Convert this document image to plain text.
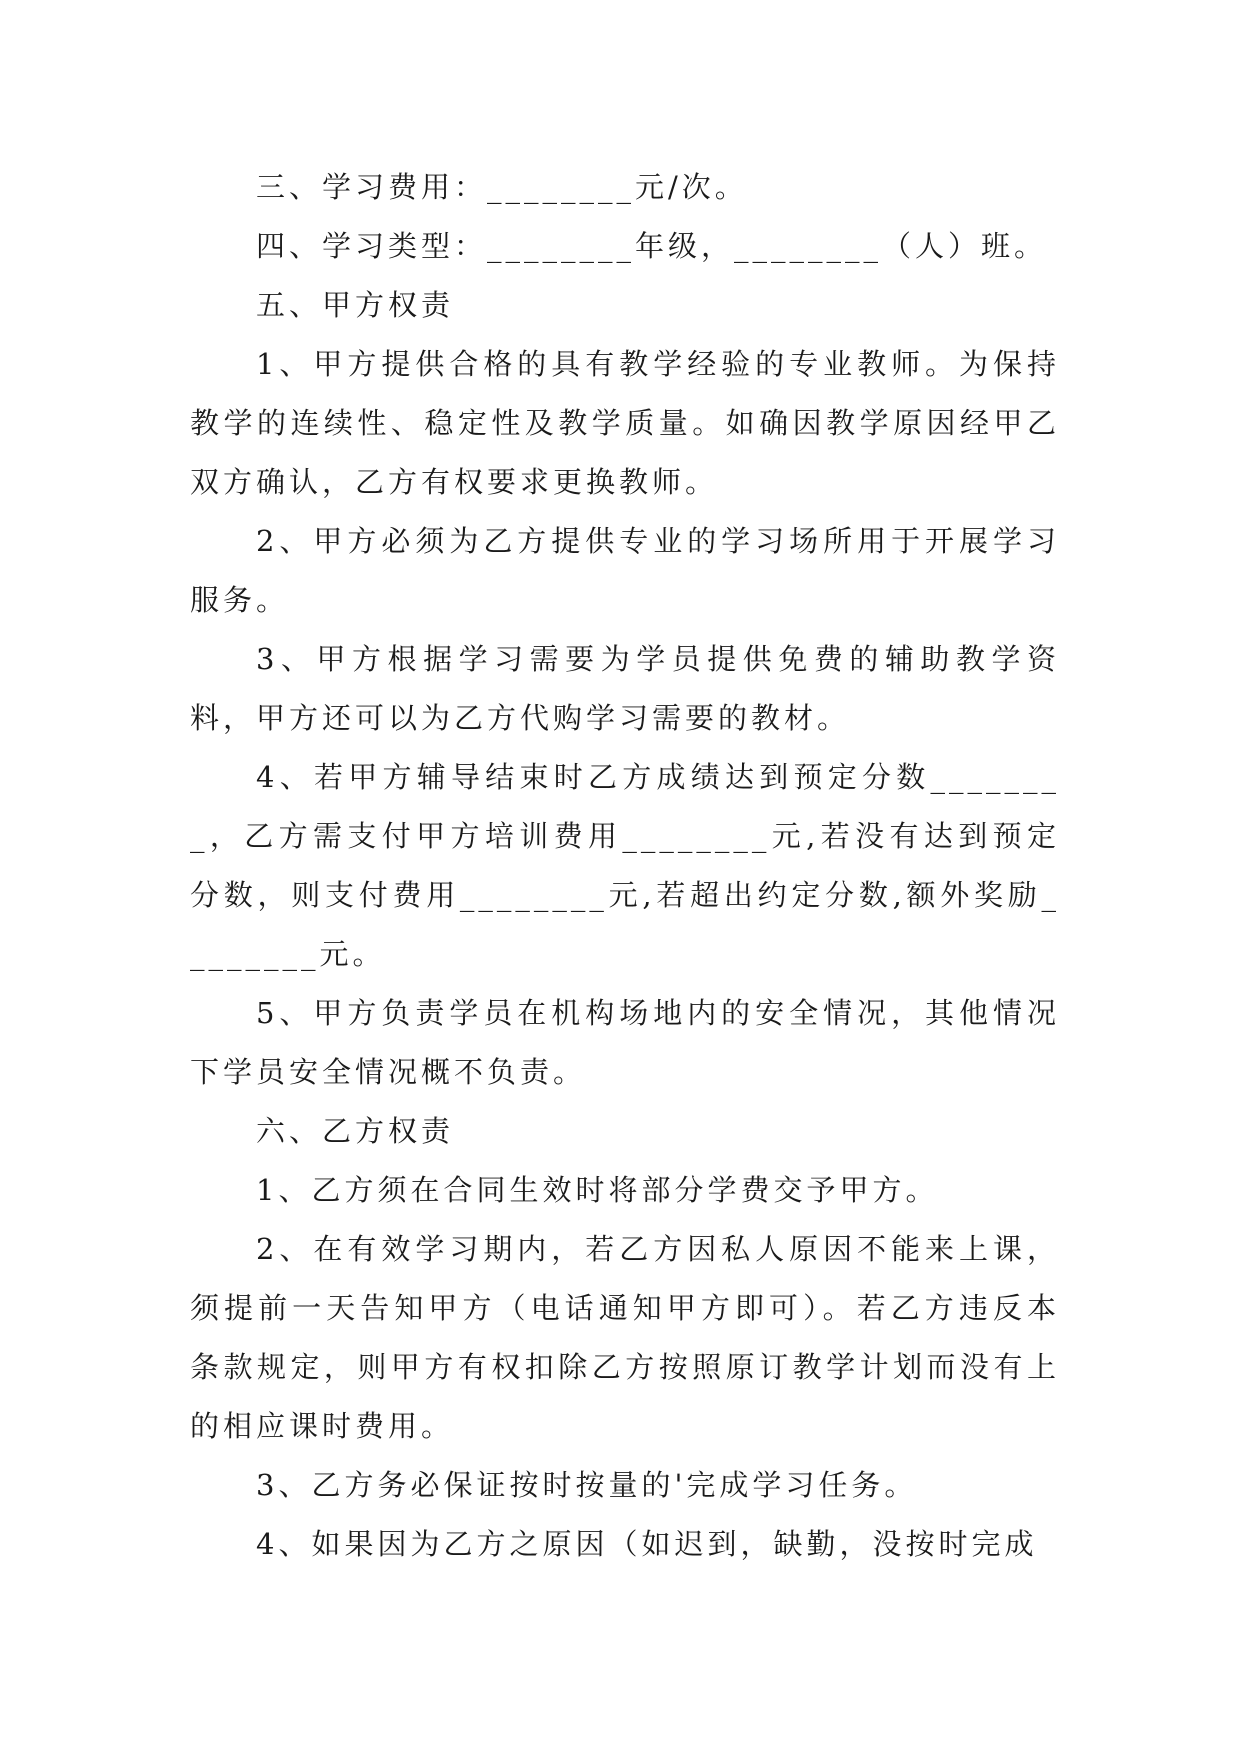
三、学习费用：________元/次。

四、学习类型：________年级，________（人）班。

五、甲方权责

1、甲方提供合格的具有教学经验的专业教师。为保持教学的连续性、稳定性及教学质量。如确因教学原因经甲乙双方确认，乙方有权要求更换教师。

2、甲方必须为乙方提供专业的学习场所用于开展学习服务。

3、甲方根据学习需要为学员提供免费的辅助教学资料，甲方还可以为乙方代购学习需要的教材。

4、若甲方辅导结束时乙方成绩达到预定分数________，乙方需支付甲方培训费用________元,若没有达到预定分数，则支付费用________元,若超出约定分数,额外奖励________元。

5、甲方负责学员在机构场地内的安全情况，其他情况下学员安全情况概不负责。

六、乙方权责

1、乙方须在合同生效时将部分学费交予甲方。

2、在有效学习期内，若乙方因私人原因不能来上课，须提前一天告知甲方（电话通知甲方即可）。若乙方违反本条款规定，则甲方有权扣除乙方按照原订教学计划而没有上的相应课时费用。

3、乙方务必保证按时按量的'完成学习任务。

4、如果因为乙方之原因（如迟到，缺勤，没按时完成
